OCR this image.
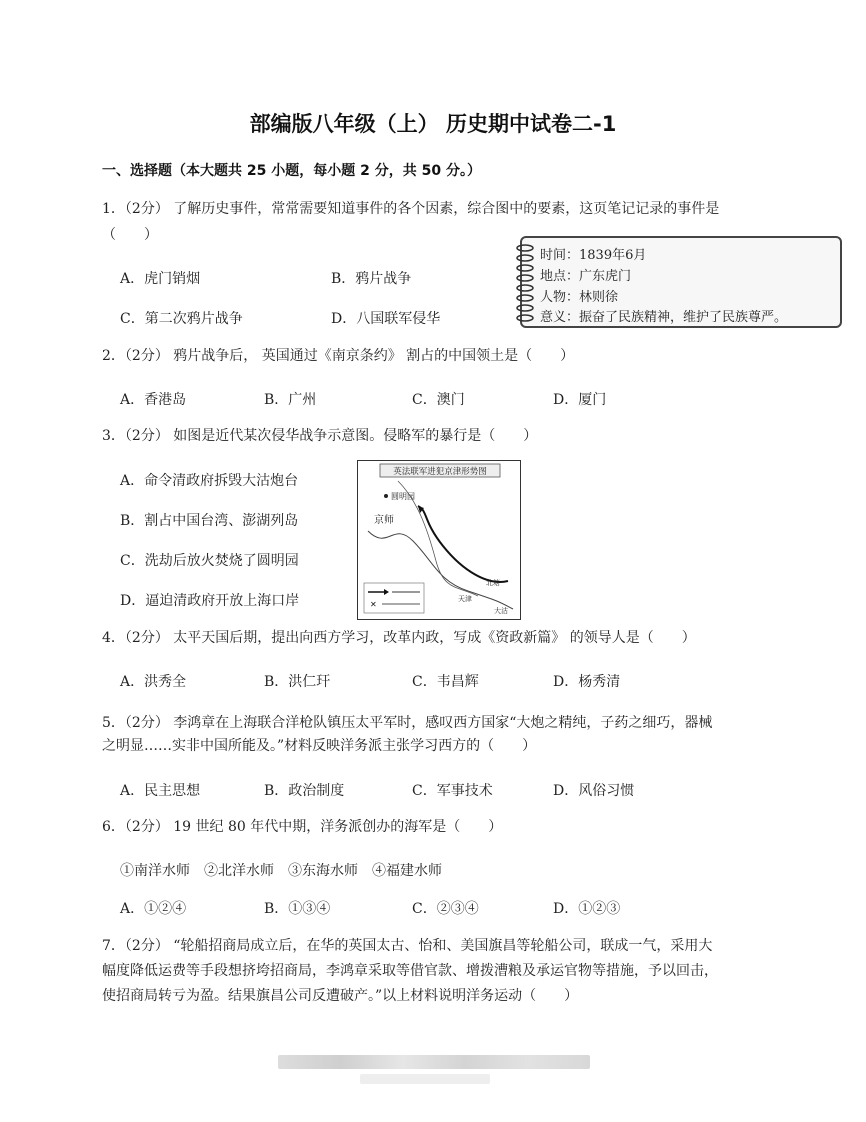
部编版八年级（上） 历史期中试卷二-1
一、选择题（本大题共 25 小题，每小题 2 分，共 50 分。）
1．（2分） 了解历史事件，常常需要知道事件的各个因素，综合图中的要素，这页笔记记录的事件是
（　　）
A．虎门销烟	B．鸦片战争
C．第二次鸦片战争	D．八国联军侵华
时间：1839年6月
地点：广东虎门
人物：林则徐
意义：振奋了民族精神，维护了民族尊严。
2．（2分） 鸦片战争后， 英国通过《南京条约》 割占的中国领土是（　　）
A．香港岛	B．广州	C．澳门	D．厦门
3．（2分） 如图是近代某次侵华战争示意图。侵略军的暴行是（　　）
A．命令清政府拆毁大沽炮台
B．割占中国台湾、澎湖列岛
C．洗劫后放火焚烧了圆明园
D．逼迫清政府开放上海口岸
英法联军进犯京津形势图
圆明园
京师
天津
大沽
北塘
✕
4．（2分） 太平天国后期，提出向西方学习，改革内政，写成《资政新篇》 的领导人是（　　）
A．洪秀全	B．洪仁玕	C．韦昌辉	D．杨秀清
5．（2分） 李鸿章在上海联合洋枪队镇压太平军时，感叹西方国家“大炮之精纯，子药之细巧，器械
之明显……实非中国所能及。”材料反映洋务派主张学习西方的（　　）
A．民主思想	B．政治制度	C．军事技术	D．风俗习惯
6．（2分） 19 世纪 80 年代中期，洋务派创办的海军是（　　）
①南洋水师　②北洋水师　③东海水师　④福建水师
A．①②④	B．①③④	C．②③④	D．①②③
7．（2分） “轮船招商局成立后，在华的英国太古、怡和、美国旗昌等轮船公司，联成一气，采用大
幅度降低运费等手段想挤垮招商局，李鸿章采取等借官款、增拨漕粮及承运官物等措施，予以回击，
使招商局转亏为盈。结果旗昌公司反遭破产。”以上材料说明洋务运动（　　）
